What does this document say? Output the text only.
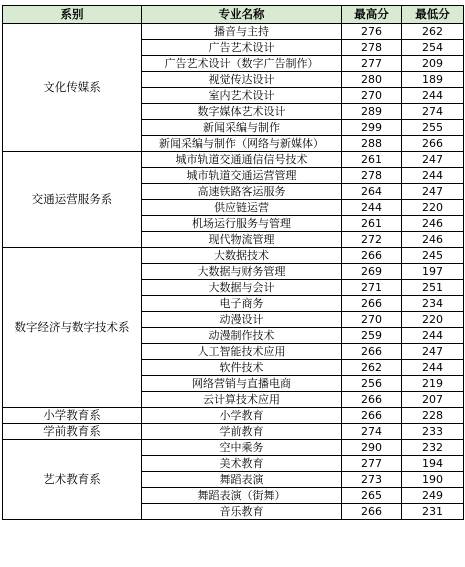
系别	专业名称	最高分	最低分
文化传媒系	播音与主持	276	262
	广告艺术设计	278	254
	广告艺术设计（数字广告制作）	277	209
	视觉传达设计	280	189
	室内艺术设计	270	244
	数字媒体艺术设计	289	274
	新闻采编与制作	299	255
	新闻采编与制作（网络与新媒体）	288	266
交通运营服务系	城市轨道交通通信信号技术	261	247
	城市轨道交通运营管理	278	244
	高速铁路客运服务	264	247
	供应链运营	244	220
	机场运行服务与管理	261	246
	现代物流管理	272	246
数字经济与数字技术系	大数据技术	266	245
	大数据与财务管理	269	197
	大数据与会计	271	251
	电子商务	266	234
	动漫设计	270	220
	动漫制作技术	259	244
	人工智能技术应用	266	247
	软件技术	262	244
	网络营销与直播电商	256	219
	云计算技术应用	266	207
小学教育系	小学教育	266	228
学前教育系	学前教育	274	233
艺术教育系	空中乘务	290	232
	美术教育	277	194
	舞蹈表演	273	190
	舞蹈表演（街舞）	265	249
	音乐教育	266	231
